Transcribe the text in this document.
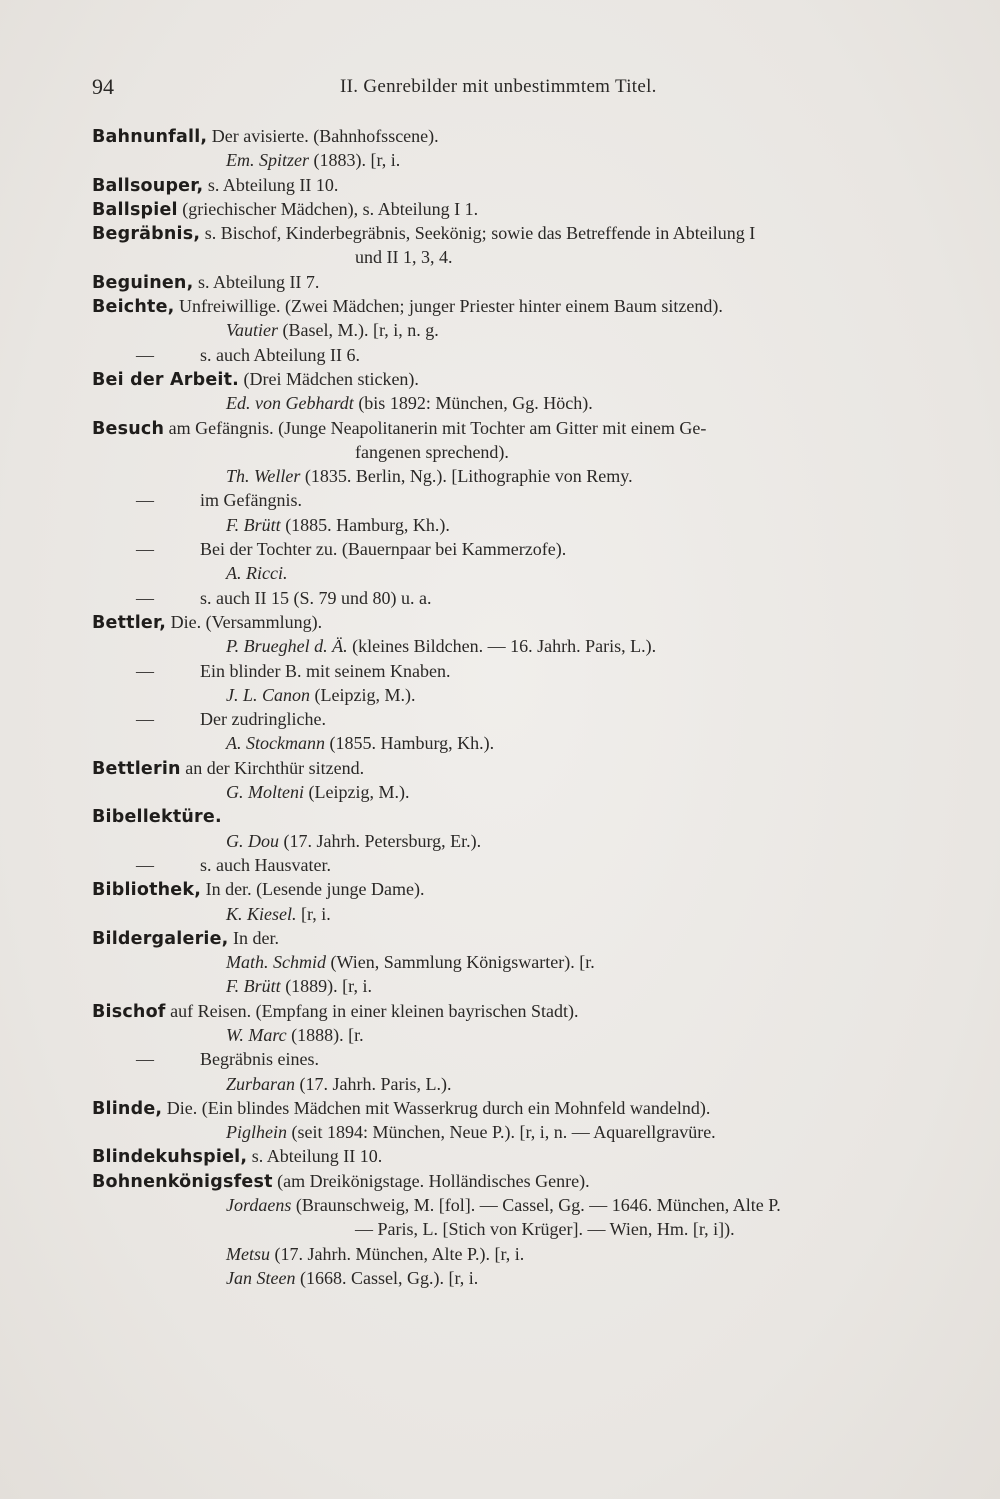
94	II. Genrebilder mit unbestimmtem Titel.
Bahnunfall, Der avisierte. (Bahnhofsscene).
Em. Spitzer (1883). [r, i.
Ballsouper, s. Abteilung II 10.
Ballspiel (griechischer Mädchen), s. Abteilung I 1.
Begräbnis, s. Bischof, Kinderbegräbnis, Seekönig; sowie das Betreffende in Abteilung I
und II 1, 3, 4.
Beguinen, s. Abteilung II 7.
Beichte, Unfreiwillige. (Zwei Mädchen; junger Priester hinter einem Baum sitzend).
Vautier (Basel, M.). [r, i, n. g.
—	s. auch Abteilung II 6.
Bei der Arbeit. (Drei Mädchen sticken).
Ed. von Gebhardt (bis 1892: München, Gg. Höch).
Besuch am Gefängnis. (Junge Neapolitanerin mit Tochter am Gitter mit einem Ge-
fangenen sprechend).
Th. Weller (1835. Berlin, Ng.). [Lithographie von Remy.
—	im Gefängnis.
F. Brütt (1885. Hamburg, Kh.).
—	Bei der Tochter zu. (Bauernpaar bei Kammerzofe).
A. Ricci.
—	s. auch II 15 (S. 79 und 80) u. a.
Bettler, Die. (Versammlung).
P. Brueghel d. Ä. (kleines Bildchen. — 16. Jahrh. Paris, L.).
—	Ein blinder B. mit seinem Knaben.
J. L. Canon (Leipzig, M.).
—	Der zudringliche.
A. Stockmann (1855. Hamburg, Kh.).
Bettlerin an der Kirchthür sitzend.
G. Molteni (Leipzig, M.).
Bibellektüre.
G. Dou (17. Jahrh. Petersburg, Er.).
—	s. auch Hausvater.
Bibliothek, In der. (Lesende junge Dame).
K. Kiesel. [r, i.
Bildergalerie, In der.
Math. Schmid (Wien, Sammlung Königswarter). [r.
F. Brütt (1889). [r, i.
Bischof auf Reisen. (Empfang in einer kleinen bayrischen Stadt).
W. Marc (1888). [r.
—	Begräbnis eines.
Zurbaran (17. Jahrh. Paris, L.).
Blinde, Die. (Ein blindes Mädchen mit Wasserkrug durch ein Mohnfeld wandelnd).
Piglhein (seit 1894: München, Neue P.). [r, i, n. — Aquarellgravüre.
Blindekuhspiel, s. Abteilung II 10.
Bohnenkönigsfest (am Dreikönigstage. Holländisches Genre).
Jordaens (Braunschweig, M. [fol]. — Cassel, Gg. — 1646. München, Alte P.
— Paris, L. [Stich von Krüger]. — Wien, Hm. [r, i]).
Metsu (17. Jahrh. München, Alte P.). [r, i.
Jan Steen (1668. Cassel, Gg.). [r, i.
